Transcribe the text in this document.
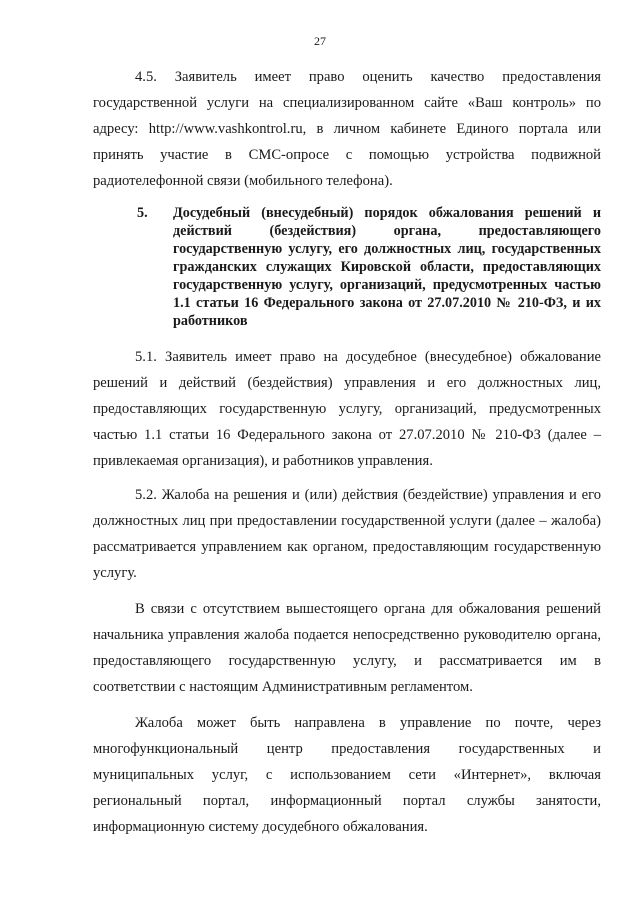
27

4.5. Заявитель имеет право оценить качество предоставления государственной услуги на специализированном сайте «Ваш контроль» по адресу: http://www.vashkontrol.ru, в личном кабинете Единого портала или принять участие в СМС-опросе с помощью устройства подвижной радиотелефонной связи (мобильного телефона).

5.	Досудебный (внесудебный) порядок обжалования решений и действий (бездействия) органа, предоставляющего государственную услугу, его должностных лиц, государственных гражданских служащих Кировской области, предоставляющих государственную услугу, организаций, предусмотренных частью 1.1 статьи 16 Федерального закона от 27.07.2010 № 210-ФЗ, и их работников

5.1. Заявитель имеет право на досудебное (внесудебное) обжалование решений и действий (бездействия) управления и его должностных лиц, предоставляющих государственную услугу, организаций, предусмотренных частью 1.1 статьи 16 Федерального закона от 27.07.2010 № 210-ФЗ (далее – привлекаемая организация), и работников управления.

5.2. Жалоба на решения и (или) действия (бездействие) управления и его должностных лиц при предоставлении государственной услуги (далее – жалоба) рассматривается управлением как органом, предоставляющим государственную услугу.

В связи с отсутствием вышестоящего органа для обжалования решений начальника управления жалоба подается непосредственно руководителю органа, предоставляющего государственную услугу, и рассматривается им в соответствии с настоящим Административным регламентом.

Жалоба может быть направлена в управление по почте, через многофункциональный центр предоставления государственных и муниципальных услуг, с использованием сети «Интернет», включая региональный портал, информационный портал службы занятости, информационную систему досудебного обжалования.
